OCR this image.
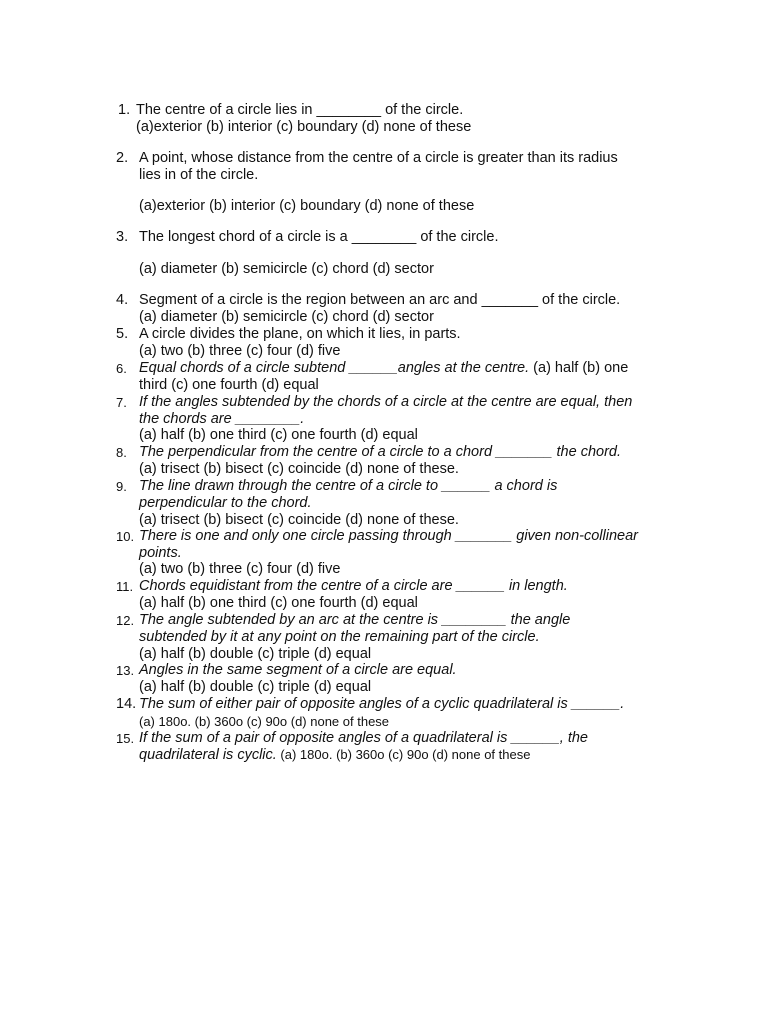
1. The centre of a circle lies in ________ of the circle.
(a)exterior (b) interior (c) boundary (d) none of these
2. A point, whose distance from the centre of a circle is greater than its radius
lies in of the circle.
(a)exterior (b) interior (c) boundary (d) none of these
3. The longest chord of a circle is a ________ of the circle.
(a) diameter (b) semicircle (c) chord (d) sector
4. Segment of a circle is the region between an arc and _______ of the circle.
(a) diameter (b) semicircle (c) chord (d) sector
5. A circle divides the plane, on which it lies, in parts.
(a) two (b) three (c) four (d) five
6. Equal chords of a circle subtend ______angles at the centre. (a) half (b) one
third (c) one fourth (d) equal
7. If the angles subtended by the chords of a circle at the centre are equal, then
the chords are ________.
(a) half (b) one third (c) one fourth (d) equal
8. The perpendicular from the centre of a circle to a chord _______ the chord.
(a) trisect (b) bisect (c) coincide (d) none of these.
9. The line drawn through the centre of a circle to ______ a chord is
perpendicular to the chord.
(a) trisect (b) bisect (c) coincide (d) none of these.
10. There is one and only one circle passing through _______ given non-collinear
points.
(a) two (b) three (c) four (d) five
11. Chords equidistant from the centre of a circle are ______ in length.
(a) half (b) one third (c) one fourth (d) equal
12. The angle subtended by an arc at the centre is ________ the angle
subtended by it at any point on the remaining part of the circle.
(a) half (b) double (c) triple (d) equal
13. Angles in the same segment of a circle are equal.
(a) half (b) double (c) triple (d) equal
14. The sum of either pair of opposite angles of a cyclic quadrilateral is ______.
(a) 180o. (b) 360o (c) 90o (d) none of these
15. If the sum of a pair of opposite angles of a quadrilateral is ______, the
quadrilateral is cyclic. (a) 180o. (b) 360o (c) 90o (d) none of these
